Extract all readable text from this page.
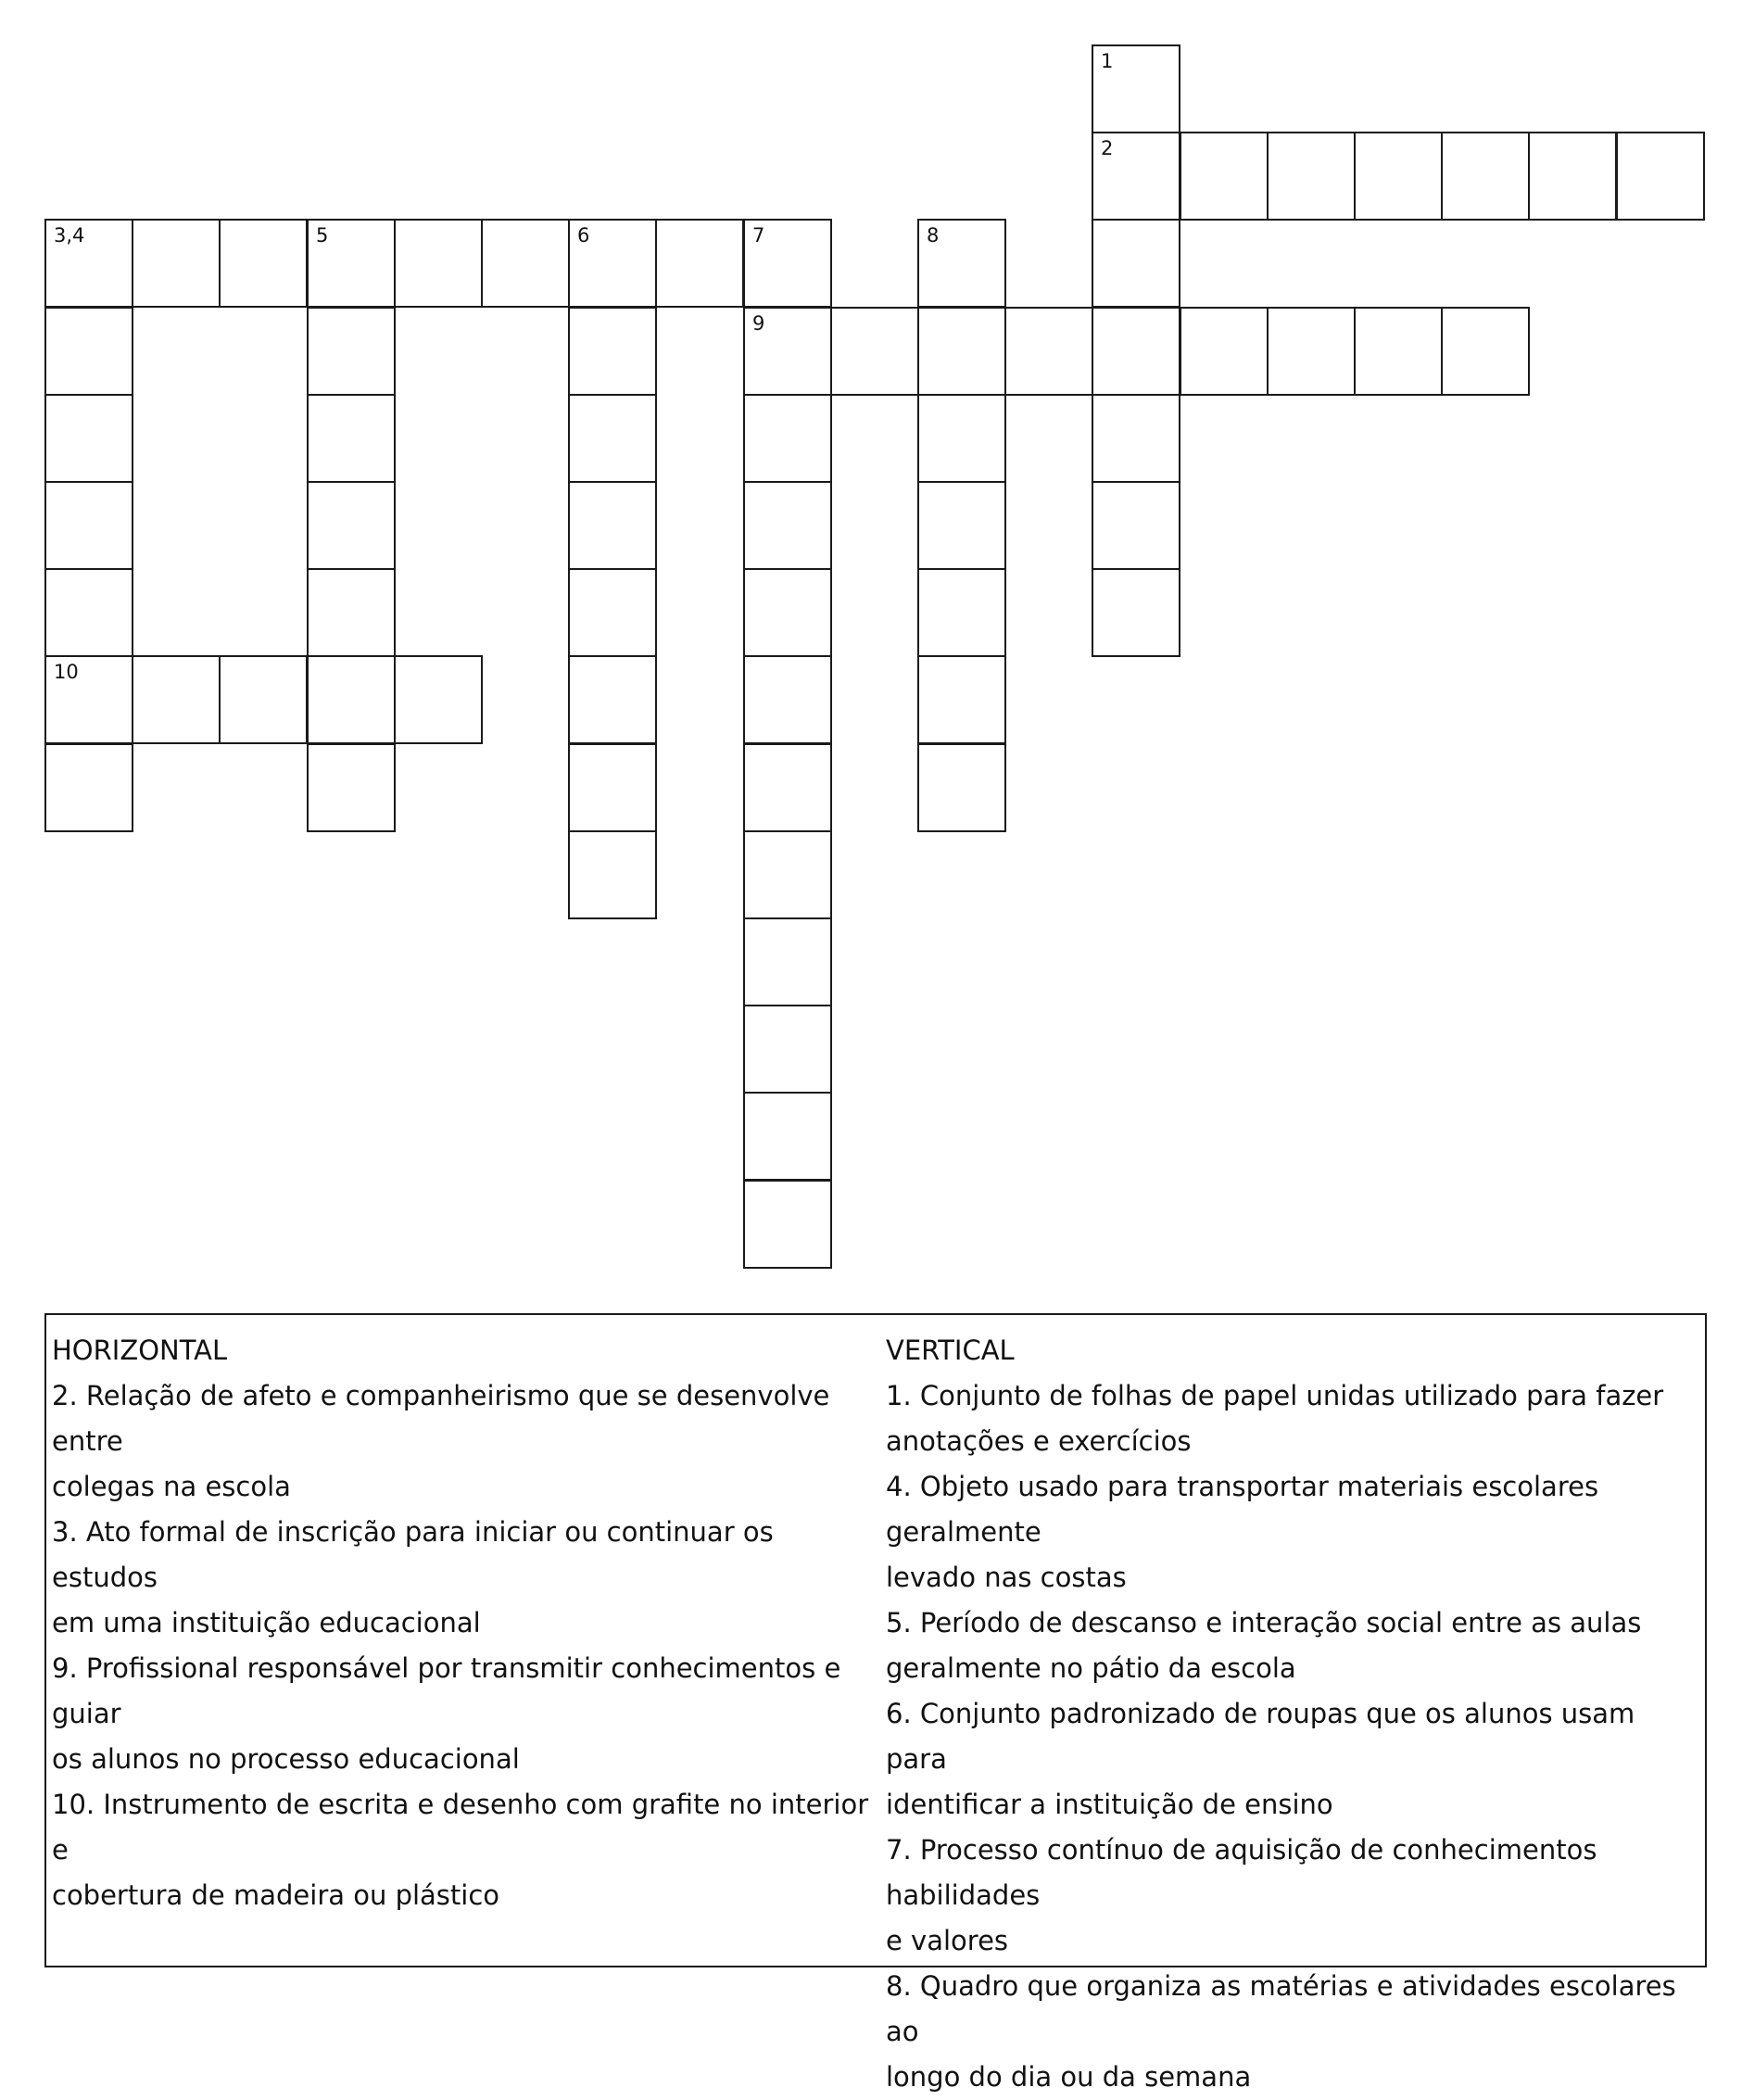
1
2
3,4	5	6	7	8
9
10
HORIZONTAL
2. Relação de afeto e companheirismo que se desenvolve entre
colegas na escola
3. Ato formal de inscrição para iniciar ou continuar os estudos
em uma instituição educacional
9. Profissional responsável por transmitir conhecimentos e guiar
os alunos no processo educacional
10. Instrumento de escrita e desenho com grafite no interior e
cobertura de madeira ou plástico
VERTICAL
1. Conjunto de folhas de papel unidas utilizado para fazer
anotações e exercícios
4. Objeto usado para transportar materiais escolares geralmente
levado nas costas
5. Período de descanso e interação social entre as aulas
geralmente no pátio da escola
6. Conjunto padronizado de roupas que os alunos usam para
identificar a instituição de ensino
7. Processo contínuo de aquisição de conhecimentos habilidades
e valores
8. Quadro que organiza as matérias e atividades escolares ao
longo do dia ou da semana
